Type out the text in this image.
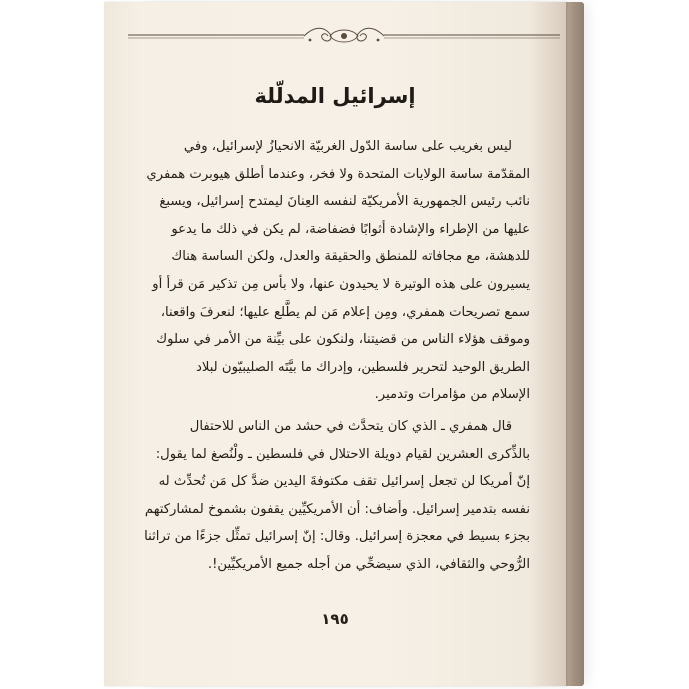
إسرائيل المدلّلة
ليس بغريب على ساسة الدّول الغربيّة الانحيازُ لإسرائيل، وفي
المقدّمة ساسة الولايات المتحدة ولا فخر، وعندما أطلق هيوبرت همفري
نائب رئيس الجمهورية الأمريكيّة لنفسه العِنانَ ليمتدح إسرائيل، ويسبغ
عليها من الإطراء والإشادة أثوابًا فضفاضة، لم يكن في ذلك ما يدعو
للدهشة، مع مجافاته للمنطق والحقيقة والعدل، ولكن الساسة هناك
يسيرون على هذه الوتيرة لا يحيدون عنها، ولا بأس مِن تذكير مَن قرأ أو
سمع تصريحات همفري، ومِن إعلام مَن لم يطَّلع عليها؛ لنعرفَ واقعنا،
وموقف هؤلاء الناس من قضيتنا، ولنكون على بيِّنة من الأمر في سلوك
الطريق الوحيد لتحرير فلسطين، وإدراك ما بيَّتَه الصليبيّون لبلاد
الإسلام من مؤامرات وتدمير.
قال همفري ـ الذي كان يتحدَّث في حشد من الناس للاحتفال
بالذِّكرى العشرين لقيام دويلة الاحتلال في فلسطين ـ ولْنُصغ لما يقول:
إنّ أمريكا لن تجعل إسرائيل تقف مكتوفةَ اليدين ضدَّ كل مَن تُحدِّث له
نفسه بتدمير إسرائيل. وأضاف: أن الأمريكيِّين يقفون بشموخ لمشاركتهم
بجزء بسيط في معجزة إسرائيل. وقال: إنّ إسرائيل تمثِّل جزءًا من تراثنا
الرُّوحي والثقافي، الذي سيضحِّي من أجله جميع الأمريكيِّين!.
١٩٥
